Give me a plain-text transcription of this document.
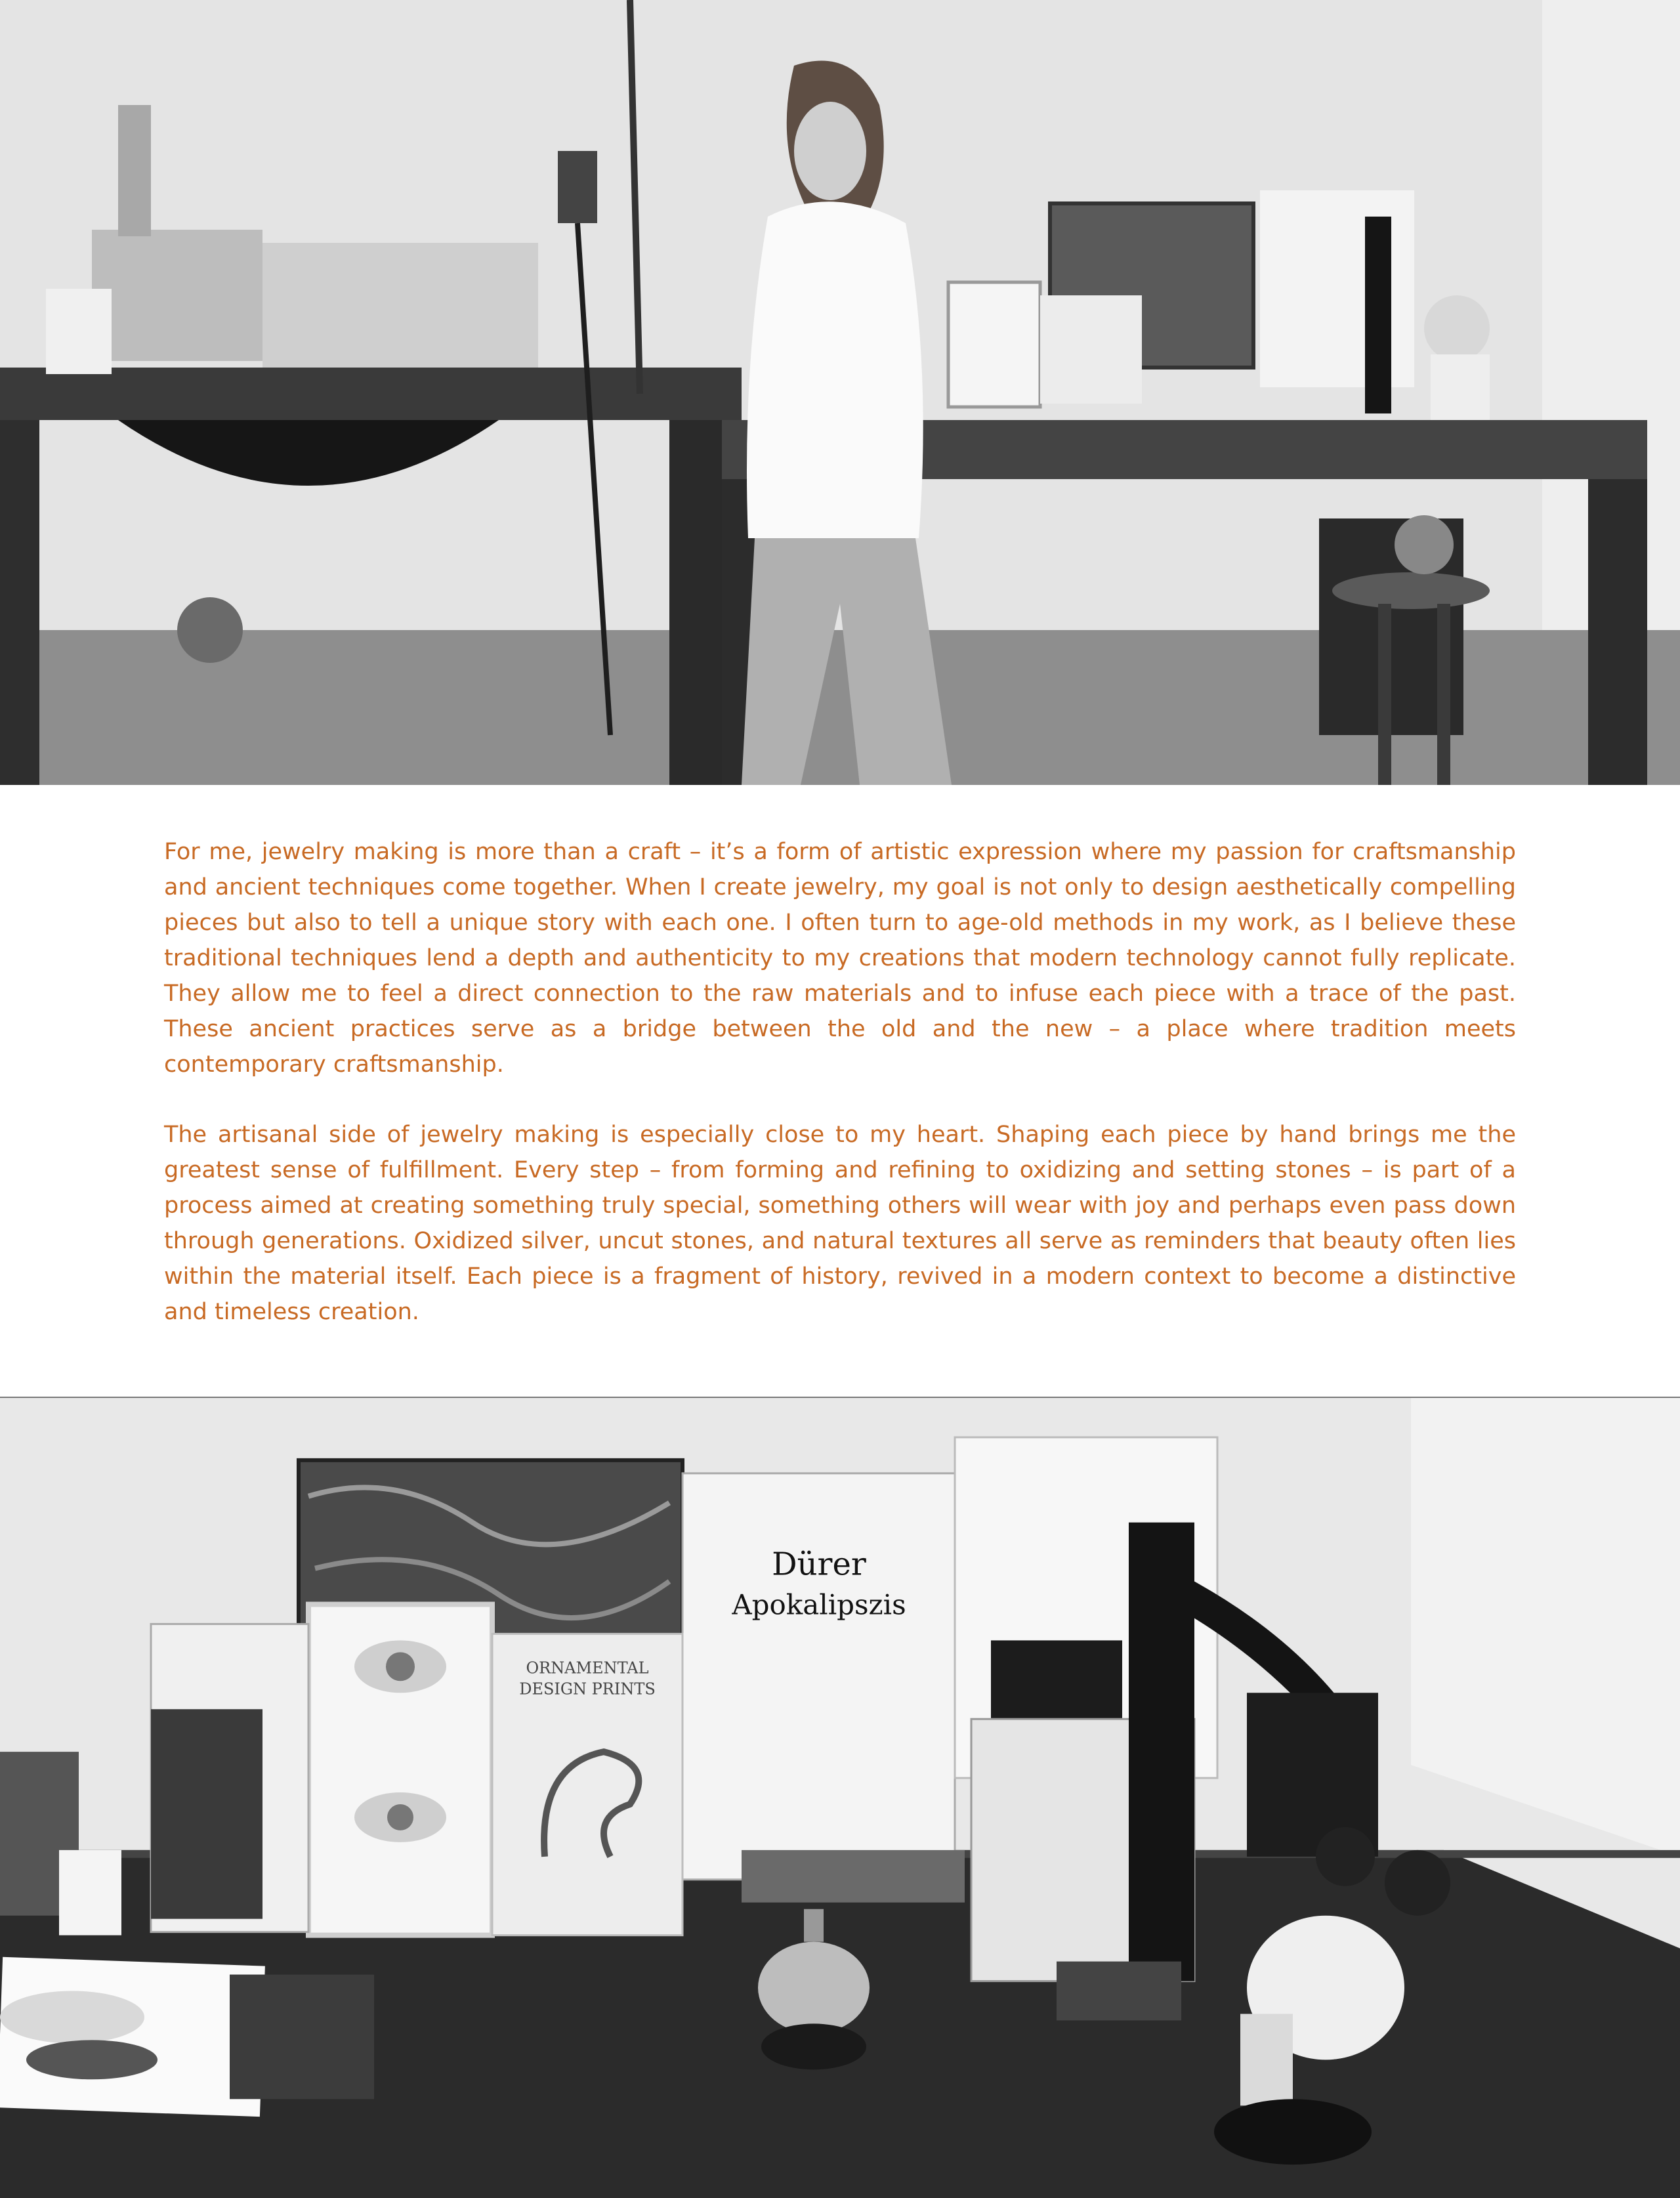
For me, jewelry making is more than a craft – it’s a form of artistic expression where my passion for craftsmanship and ancient techniques come together. When I create jewelry, my goal is not only to design aesthetically compelling pieces but also to tell a unique story with each one. I often turn to age-old methods in my work, as I believe these traditional techniques lend a depth and authenticity to my creations that modern technology cannot fully replicate. They allow me to feel a direct connection to the raw materials and to infuse each piece with a trace of the past. These ancient practices serve as a bridge between the old and the new – a place where tradition meets contemporary craftsmanship.

The artisanal side of jewelry making is especially close to my heart. Shaping each piece by hand brings me the greatest sense of fulfillment. Every step – from forming and refining to oxidizing and setting stones – is part of a process aimed at creating something truly special, something others will wear with joy and perhaps even pass down through generations. Oxidized silver, uncut stones, and natural textures all serve as reminders that beauty often lies within the material itself. Each piece is a fragment of history, revived in a modern context to become a distinctive and timeless creation.

Dürer
Apokalipszis
ORNAMENTAL
DESIGN PRINTS
